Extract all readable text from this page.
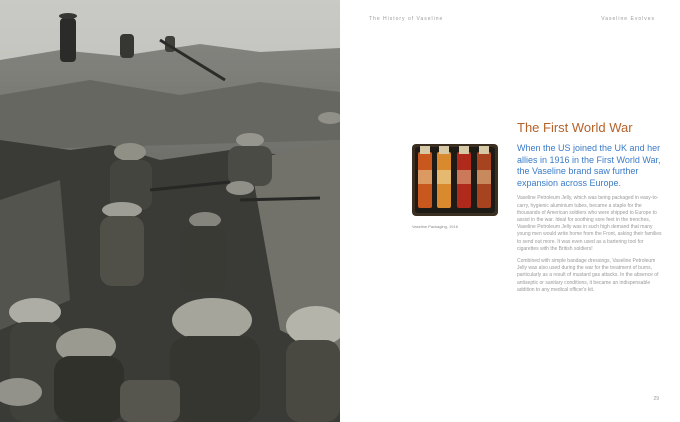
The History of Vaseline	Vaseline Evolves
Vaseline Packaging, 1916
The First World War

When the US joined the UK and her allies in 1916 in the First World War, the Vaseline brand saw further expansion across Europe.

Vaseline Petroleum Jelly, which was being packaged in easy-to-carry, hygienic aluminium tubes, became a staple for the thousands of American soldiers who were shipped to Europe to assist in the war. Ideal for soothing sore feet in the trenches, Vaseline Petroleum Jelly was in such high demand that many young men would write home from the Front, asking their families to send out more. It was even used as a bartering tool for cigarettes with the British soldiers!

Combined with simple bandage dressings, Vaseline Petroleum Jelly was also used during the war for the treatment of burns, particularly as a result of mustard gas attacks. In the absence of antiseptic or sanitary conditions, it became an indispensable addition to any medical officer's kit.

29
